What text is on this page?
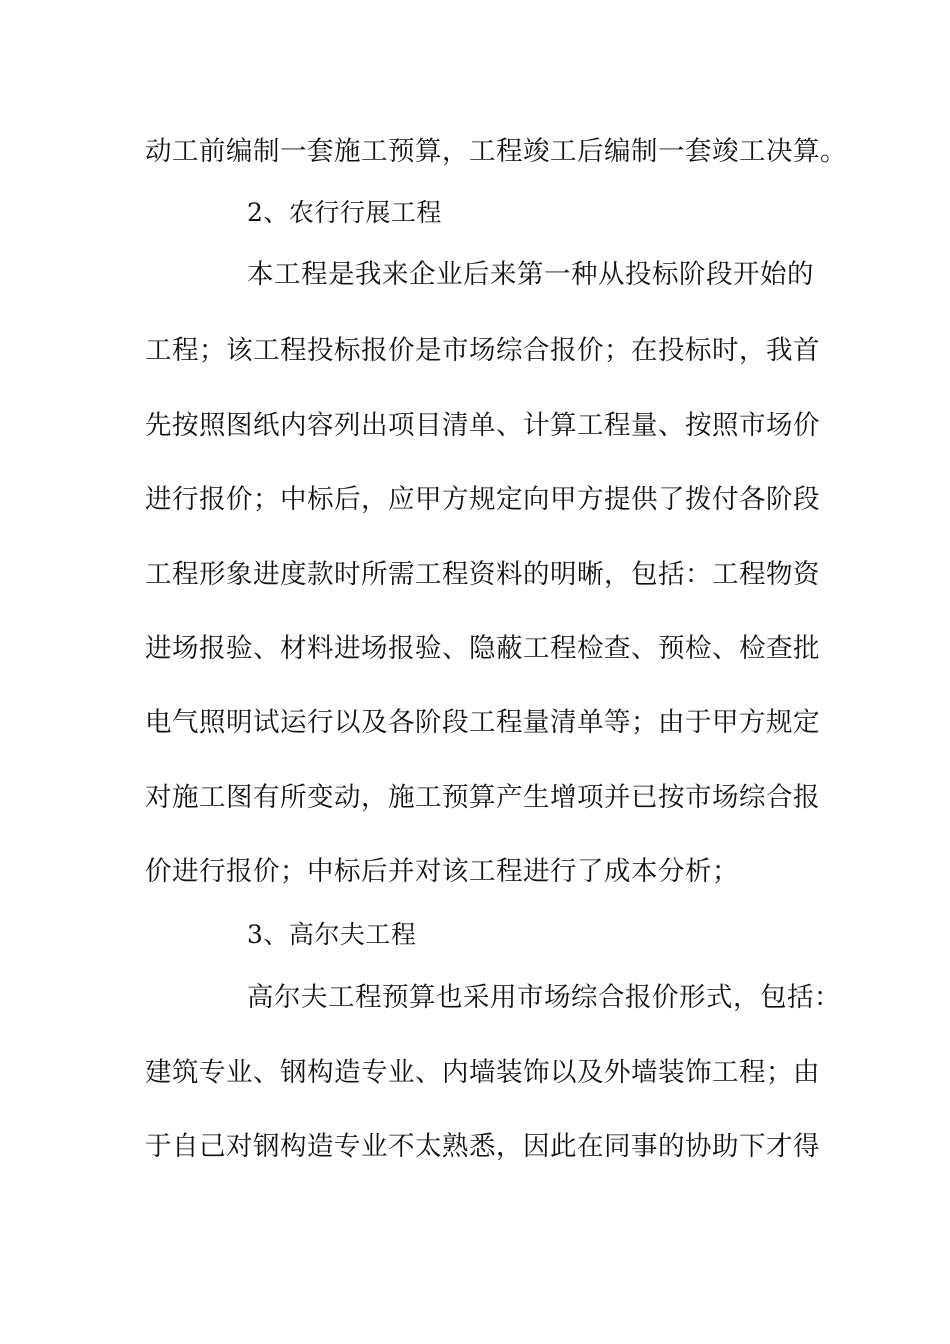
动工前编制一套施工预算，工程竣工后编制一套竣工决算。
2、农行行展工程
本工程是我来企业后来第一种从投标阶段开始的
工程；该工程投标报价是市场综合报价；在投标时，我首
先按照图纸内容列出项目清单、计算工程量、按照市场价
进行报价；中标后，应甲方规定向甲方提供了拨付各阶段
工程形象进度款时所需工程资料的明晰，包括：工程物资
进场报验、材料进场报验、隐蔽工程检查、预检、检查批
电气照明试运行以及各阶段工程量清单等；由于甲方规定
对施工图有所变动，施工预算产生增项并已按市场综合报
价进行报价；中标后并对该工程进行了成本分析；
3、高尔夫工程
高尔夫工程预算也采用市场综合报价形式，包括：
建筑专业、钢构造专业、内墙装饰以及外墙装饰工程；由
于自己对钢构造专业不太熟悉，因此在同事的协助下才得
